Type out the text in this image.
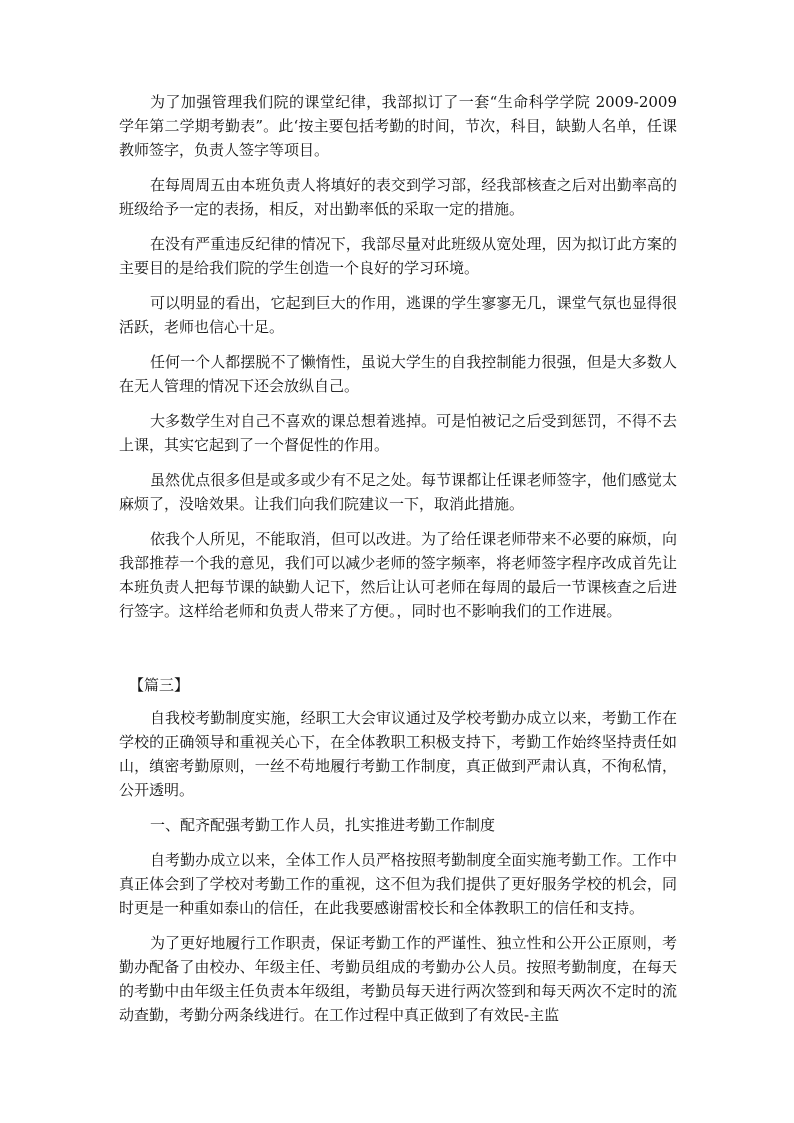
为了加强管理我们院的课堂纪律，我部拟订了一套“生命科学学院 2009-2009 学年第二学期考勤表”。此‘按主要包括考勤的时间，节次，科目，缺勤人名单，任课教师签字，负责人签字等项目。

在每周周五由本班负责人将填好的表交到学习部，经我部核查之后对出勤率高的班级给予一定的表扬，相反，对出勤率低的采取一定的措施。

在没有严重违反纪律的情况下，我部尽量对此班级从宽处理，因为拟订此方案的主要目的是给我们院的学生创造一个良好的学习环境。

可以明显的看出，它起到巨大的作用，逃课的学生寥寥无几，课堂气氛也显得很活跃，老师也信心十足。

任何一个人都摆脱不了懒惰性，虽说大学生的自我控制能力很强，但是大多数人在无人管理的情况下还会放纵自己。

大多数学生对自己不喜欢的课总想着逃掉。可是怕被记之后受到惩罚，不得不去上课，其实它起到了一个督促性的作用。

虽然优点很多但是或多或少有不足之处。每节课都让任课老师签字，他们感觉太麻烦了，没啥效果。让我们向我们院建议一下，取消此措施。

依我个人所见，不能取消，但可以改进。为了给任课老师带来不必要的麻烦，向我部推荐一个我的意见，我们可以减少老师的签字频率，将老师签字程序改成首先让本班负责人把每节课的缺勤人记下，然后让认可老师在每周的最后一节课核查之后进行签字。这样给老师和负责人带来了方便。，同时也不影响我们的工作进展。

【篇三】

自我校考勤制度实施，经职工大会审议通过及学校考勤办成立以来，考勤工作在学校的正确领导和重视关心下，在全体教职工积极支持下，考勤工作始终坚持责任如山，缜密考勤原则，一丝不苟地履行考勤工作制度，真正做到严肃认真，不徇私情，公开透明。

一、配齐配强考勤工作人员，扎实推进考勤工作制度

自考勤办成立以来，全体工作人员严格按照考勤制度全面实施考勤工作。工作中真正体会到了学校对考勤工作的重视，这不但为我们提供了更好服务学校的机会，同时更是一种重如泰山的信任，在此我要感谢雷校长和全体教职工的信任和支持。

为了更好地履行工作职责，保证考勤工作的严谨性、独立性和公开公正原则，考勤办配备了由校办、年级主任、考勤员组成的考勤办公人员。按照考勤制度，在每天的考勤中由年级主任负责本年级组，考勤员每天进行两次签到和每天两次不定时的流动查勤，考勤分两条线进行。在工作过程中真正做到了有效民-主监
